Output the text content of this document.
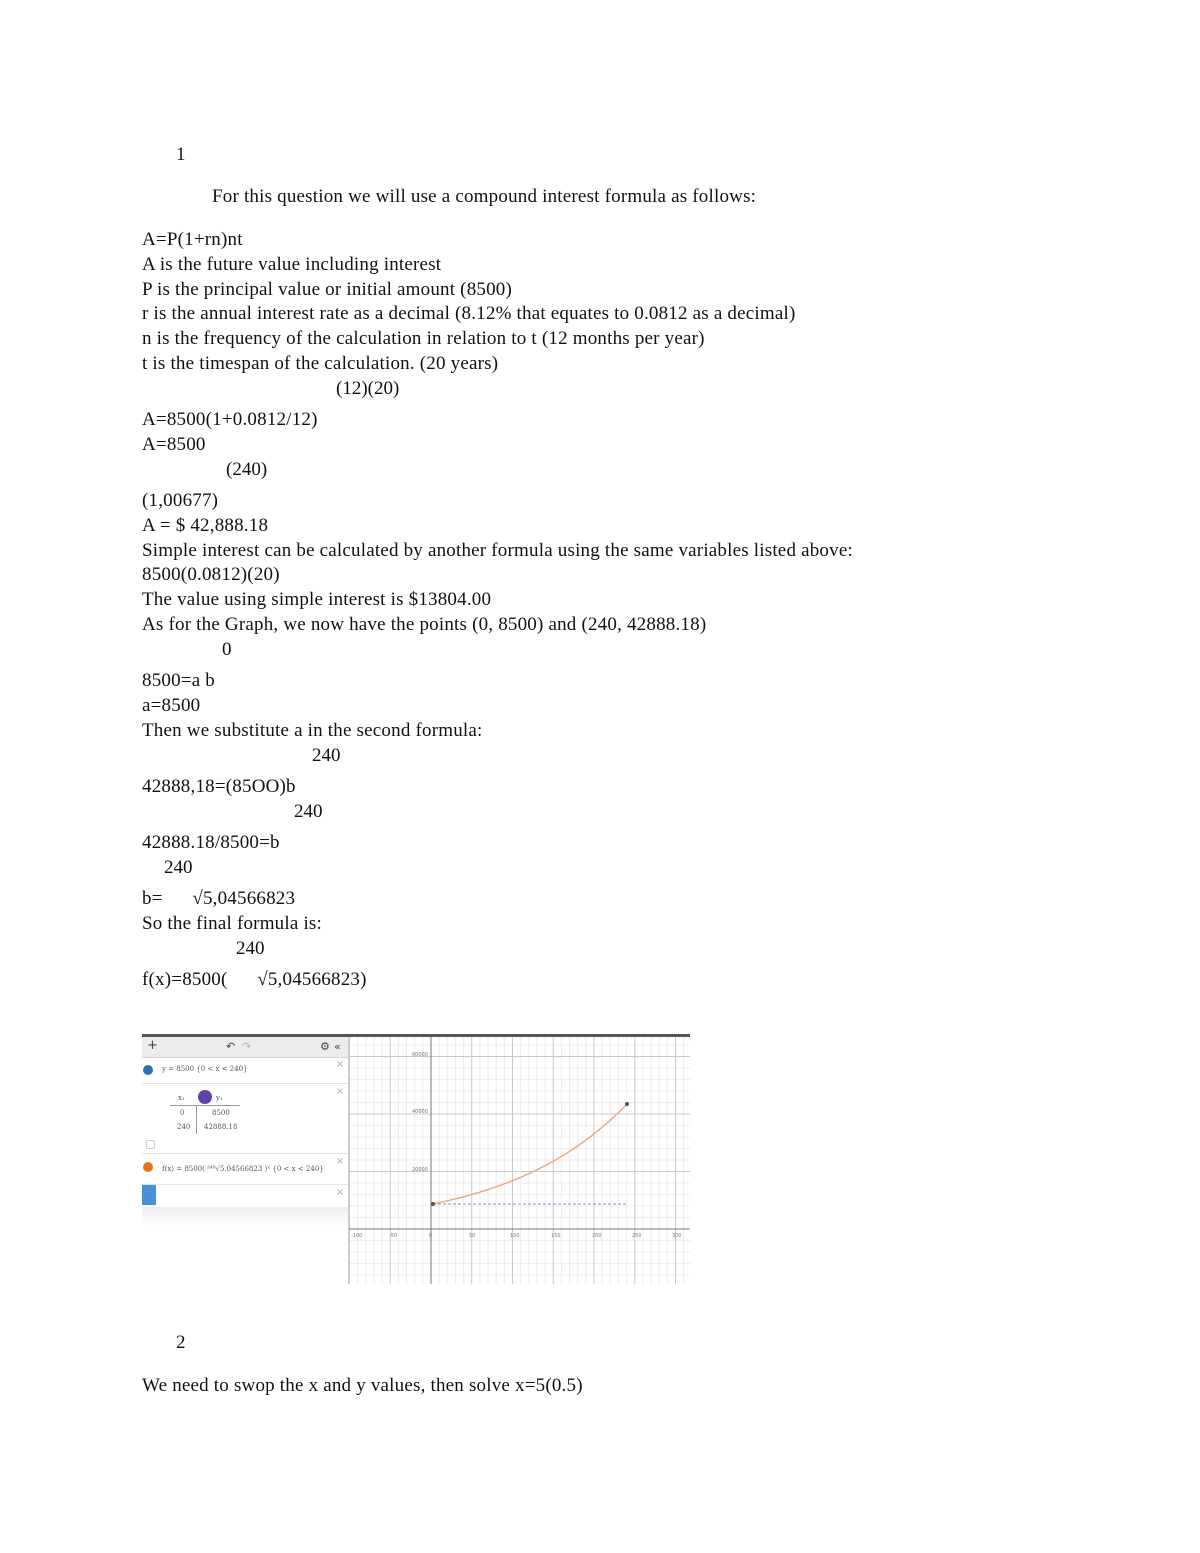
1
For this question we will use a compound interest formula as follows:
A=P(1+rn)nt
A is the future value including interest
P is the principal value or initial amount (8500)
r is the annual interest rate as a decimal (8.12% that equates to 0.0812 as a decimal)
n is the frequency of the calculation in relation to t (12 months per year)
t is the timespan of the calculation. (20 years)
(12)(20)
A=8500(1+0.0812/12)
A=8500
(240)
(1,00677)
A = $ 42,888.18
Simple interest can be calculated by another formula using the same variables listed above:
8500(0.0812)(20)
The value using simple interest is $13804.00
As for the Graph, we now have the points (0, 8500) and (240, 42888.18)
0
8500=a b
a=8500
Then we substitute a in the second formula:
240
42888,18=(85OO)b
240
42888.18/8500=b
240
b=      √5,04566823
So the final formula is:
240
f(x)=8500(      √5,04566823)
+	↶ ↷	⚙ «
y = 8500 {0 < x < 240}	×
×
x₁	y₁
0	8500
240 42888.18
f(x) = 8500( ²⁴⁰√5.04566823 )ˣ {0 < x < 240}
×
×
60000
40000
20000
-100	-50	0	50	100	150	200	250	300
2
We need to swop the x and y values, then solve x=5(0.5)
